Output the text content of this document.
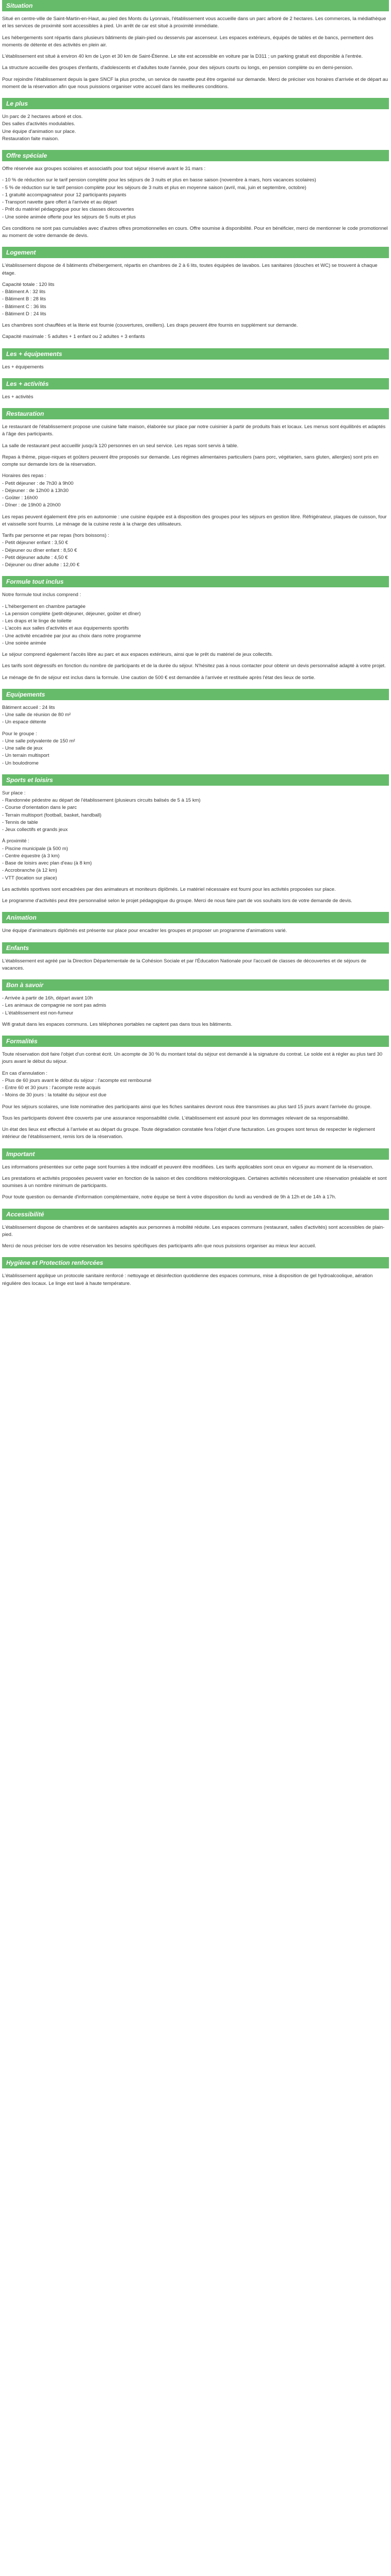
Situation

Situé en centre-ville de Saint-Martin-en-Haut, au pied des Monts du Lyonnais, l'établissement vous accueille dans un parc arboré de 2 hectares. Les commerces, la médiathèque et les services de proximité sont accessibles à pied. Un arrêt de car est situé à proximité immédiate.

Les hébergements sont répartis dans plusieurs bâtiments de plain-pied ou desservis par ascenseur. Les espaces extérieurs, équipés de tables et de bancs, permettent des moments de détente et des activités en plein air.

L'établissement est situé à environ 40 km de Lyon et 30 km de Saint-Étienne. Le site est accessible en voiture par la D311 ; un parking gratuit est disponible à l'entrée.

La structure accueille des groupes d'enfants, d'adolescents et d'adultes toute l'année, pour des séjours courts ou longs, en pension complète ou en demi-pension.

Pour rejoindre l'établissement depuis la gare SNCF la plus proche, un service de navette peut être organisé sur demande. Merci de préciser vos horaires d'arrivée et de départ au moment de la réservation afin que nous puissions organiser votre accueil dans les meilleures conditions.

Le plus

Un parc de 2 hectares arboré et clos.
Des salles d'activités modulables.
Une équipe d'animation sur place.
Restauration faite maison.

Offre spéciale

Offre réservée aux groupes scolaires et associatifs pour tout séjour réservé avant le 31 mars :

- 10 % de réduction sur le tarif pension complète pour les séjours de 3 nuits et plus en basse saison (novembre à mars, hors vacances scolaires)
- 5 % de réduction sur le tarif pension complète pour les séjours de 3 nuits et plus en moyenne saison (avril, mai, juin et septembre, octobre)
- 1 gratuité accompagnateur pour 12 participants payants
- Transport navette gare offert à l'arrivée et au départ
- Prêt du matériel pédagogique pour les classes découvertes
- Une soirée animée offerte pour les séjours de 5 nuits et plus

Ces conditions ne sont pas cumulables avec d'autres offres promotionnelles en cours. Offre soumise à disponibilité. Pour en bénéficier, merci de mentionner le code promotionnel au moment de votre demande de devis.

Logement

L'établissement dispose de 4 bâtiments d'hébergement, répartis en chambres de 2 à 6 lits, toutes équipées de lavabos. Les sanitaires (douches et WC) se trouvent à chaque étage.

Capacité totale : 120 lits
- Bâtiment A : 32 lits
- Bâtiment B : 28 lits
- Bâtiment C : 36 lits
- Bâtiment D : 24 lits

Les chambres sont chauffées et la literie est fournie (couvertures, oreillers). Les draps peuvent être fournis en supplément sur demande.

Capacité maximale : 5 adultes + 1 enfant ou 2 adultes + 3 enfants

Les + équipements

Les + équipements

Les + activités

Les + activités

Restauration

Le restaurant de l'établissement propose une cuisine faite maison, élaborée sur place par notre cuisinier à partir de produits frais et locaux. Les menus sont équilibrés et adaptés à l'âge des participants.

La salle de restaurant peut accueillir jusqu'à 120 personnes en un seul service. Les repas sont servis à table.

Repas à thème, pique-niques et goûters peuvent être proposés sur demande. Les régimes alimentaires particuliers (sans porc, végétarien, sans gluten, allergies) sont pris en compte sur demande lors de la réservation.

Horaires des repas :
- Petit déjeuner : de 7h30 à 9h00
- Déjeuner : de 12h00 à 13h30
- Goûter : 16h00
- Dîner : de 19h00 à 20h00

Les repas peuvent également être pris en autonomie : une cuisine équipée est à disposition des groupes pour les séjours en gestion libre. Réfrigérateur, plaques de cuisson, four et vaisselle sont fournis. Le ménage de la cuisine reste à la charge des utilisateurs.

Tarifs par personne et par repas (hors boissons) :
- Petit déjeuner enfant : 3,50 €
- Déjeuner ou dîner enfant : 8,50 €
- Petit déjeuner adulte : 4,50 €
- Déjeuner ou dîner adulte : 12,00 €

Formule tout inclus

Notre formule tout inclus comprend :

- L'hébergement en chambre partagée
- La pension complète (petit-déjeuner, déjeuner, goûter et dîner)
- Les draps et le linge de toilette
- L'accès aux salles d'activités et aux équipements sportifs
- Une activité encadrée par jour au choix dans notre programme
- Une soirée animée

Le séjour comprend également l'accès libre au parc et aux espaces extérieurs, ainsi que le prêt du matériel de jeux collectifs.

Les tarifs sont dégressifs en fonction du nombre de participants et de la durée du séjour. N'hésitez pas à nous contacter pour obtenir un devis personnalisé adapté à votre projet.

Le ménage de fin de séjour est inclus dans la formule. Une caution de 500 € est demandée à l'arrivée et restituée après l'état des lieux de sortie.

Equipements

Bâtiment accueil : 24 lits
- Une salle de réunion de 80 m²
- Un espace détente

Pour le groupe :
- Une salle polyvalente de 150 m²
- Une salle de jeux
- Un terrain multisport
- Un boulodrome

Sports et loisirs

Sur place :
- Randonnée pédestre au départ de l'établissement (plusieurs circuits balisés de 5 à 15 km)
- Course d'orientation dans le parc
- Terrain multisport (football, basket, handball)
- Tennis de table
- Jeux collectifs et grands jeux

À proximité :
- Piscine municipale (à 500 m)
- Centre équestre (à 3 km)
- Base de loisirs avec plan d'eau (à 8 km)
- Accrobranche (à 12 km)
- VTT (location sur place)

Les activités sportives sont encadrées par des animateurs et moniteurs diplômés. Le matériel nécessaire est fourni pour les activités proposées sur place.

Le programme d'activités peut être personnalisé selon le projet pédagogique du groupe. Merci de nous faire part de vos souhaits lors de votre demande de devis.

Animation

Une équipe d'animateurs diplômés est présente sur place pour encadrer les groupes et proposer un programme d'animations varié.

Enfants

L'établissement est agréé par la Direction Départementale de la Cohésion Sociale et par l'Éducation Nationale pour l'accueil de classes de découvertes et de séjours de vacances.

Bon à savoir

- Arrivée à partir de 16h, départ avant 10h
- Les animaux de compagnie ne sont pas admis
- L'établissement est non-fumeur

Wifi gratuit dans les espaces communs. Les téléphones portables ne captent pas dans tous les bâtiments.

Formalités

Toute réservation doit faire l'objet d'un contrat écrit. Un acompte de 30 % du montant total du séjour est demandé à la signature du contrat. Le solde est à régler au plus tard 30 jours avant le début du séjour.

En cas d'annulation :
- Plus de 60 jours avant le début du séjour : l'acompte est remboursé
- Entre 60 et 30 jours : l'acompte reste acquis
- Moins de 30 jours : la totalité du séjour est due

Pour les séjours scolaires, une liste nominative des participants ainsi que les fiches sanitaires devront nous être transmises au plus tard 15 jours avant l'arrivée du groupe.

Tous les participants doivent être couverts par une assurance responsabilité civile. L'établissement est assuré pour les dommages relevant de sa responsabilité.

Un état des lieux est effectué à l'arrivée et au départ du groupe. Toute dégradation constatée fera l'objet d'une facturation. Les groupes sont tenus de respecter le règlement intérieur de l'établissement, remis lors de la réservation.

Important

Les informations présentées sur cette page sont fournies à titre indicatif et peuvent être modifiées. Les tarifs applicables sont ceux en vigueur au moment de la réservation.

Les prestations et activités proposées peuvent varier en fonction de la saison et des conditions météorologiques. Certaines activités nécessitent une réservation préalable et sont soumises à un nombre minimum de participants.

Pour toute question ou demande d'information complémentaire, notre équipe se tient à votre disposition du lundi au vendredi de 9h à 12h et de 14h à 17h.

Accessibilité

L'établissement dispose de chambres et de sanitaires adaptés aux personnes à mobilité réduite. Les espaces communs (restaurant, salles d'activités) sont accessibles de plain-pied.

Merci de nous préciser lors de votre réservation les besoins spécifiques des participants afin que nous puissions organiser au mieux leur accueil.

Hygiène et Protection renforcées

L'établissement applique un protocole sanitaire renforcé : nettoyage et désinfection quotidienne des espaces communs, mise à disposition de gel hydroalcoolique, aération régulière des locaux. Le linge est lavé à haute température.
